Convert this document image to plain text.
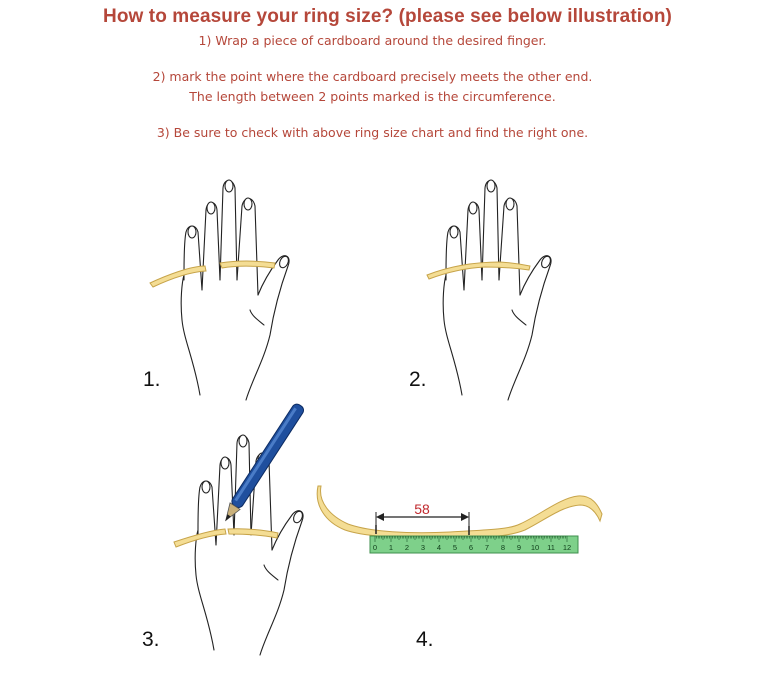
How to measure your ring size? (please see below illustration)
1) Wrap a piece of cardboard around the desired finger.
2) mark the point where the cardboard precisely meets the other end.
The length between 2 points marked is the circumference.
3) Be sure to check with above ring size chart and find the right one.
58
0 1 2 3 4 5 6 7 8 9 10 11 12
1.	2.
3.	4.
